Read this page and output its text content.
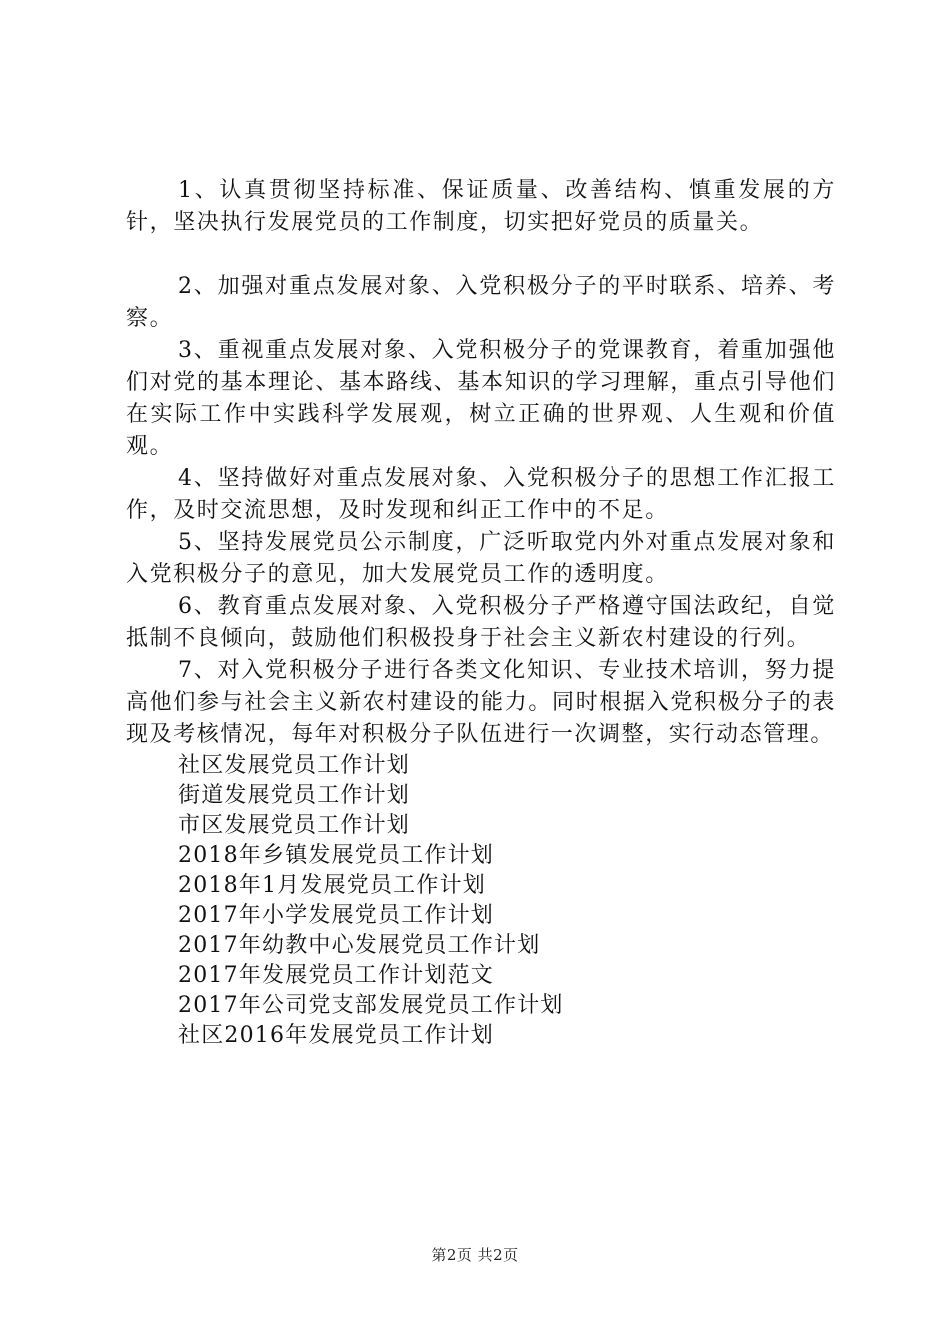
1、认真贯彻坚持标准、保证质量、改善结构、慎重发展的方针，坚决执行发展党员的工作制度，切实把好党员的质量关。

2、加强对重点发展对象、入党积极分子的平时联系、培养、考察。

3、重视重点发展对象、入党积极分子的党课教育，着重加强他们对党的基本理论、基本路线、基本知识的学习理解，重点引导他们在实际工作中实践科学发展观，树立正确的世界观、人生观和价值观。

4、坚持做好对重点发展对象、入党积极分子的思想工作汇报工作，及时交流思想，及时发现和纠正工作中的不足。

5、坚持发展党员公示制度，广泛听取党内外对重点发展对象和入党积极分子的意见，加大发展党员工作的透明度。

6、教育重点发展对象、入党积极分子严格遵守国法政纪，自觉抵制不良倾向，鼓励他们积极投身于社会主义新农村建设的行列。

7、对入党积极分子进行各类文化知识、专业技术培训，努力提高他们参与社会主义新农村建设的能力。同时根据入党积极分子的表现及考核情况，每年对积极分子队伍进行一次调整，实行动态管理。

社区发展党员工作计划
街道发展党员工作计划
市区发展党员工作计划
2018年乡镇发展党员工作计划
2018年1月发展党员工作计划
2017年小学发展党员工作计划
2017年幼教中心发展党员工作计划
2017年发展党员工作计划范文
2017年公司党支部发展党员工作计划
社区2016年发展党员工作计划
第2页 共2页
